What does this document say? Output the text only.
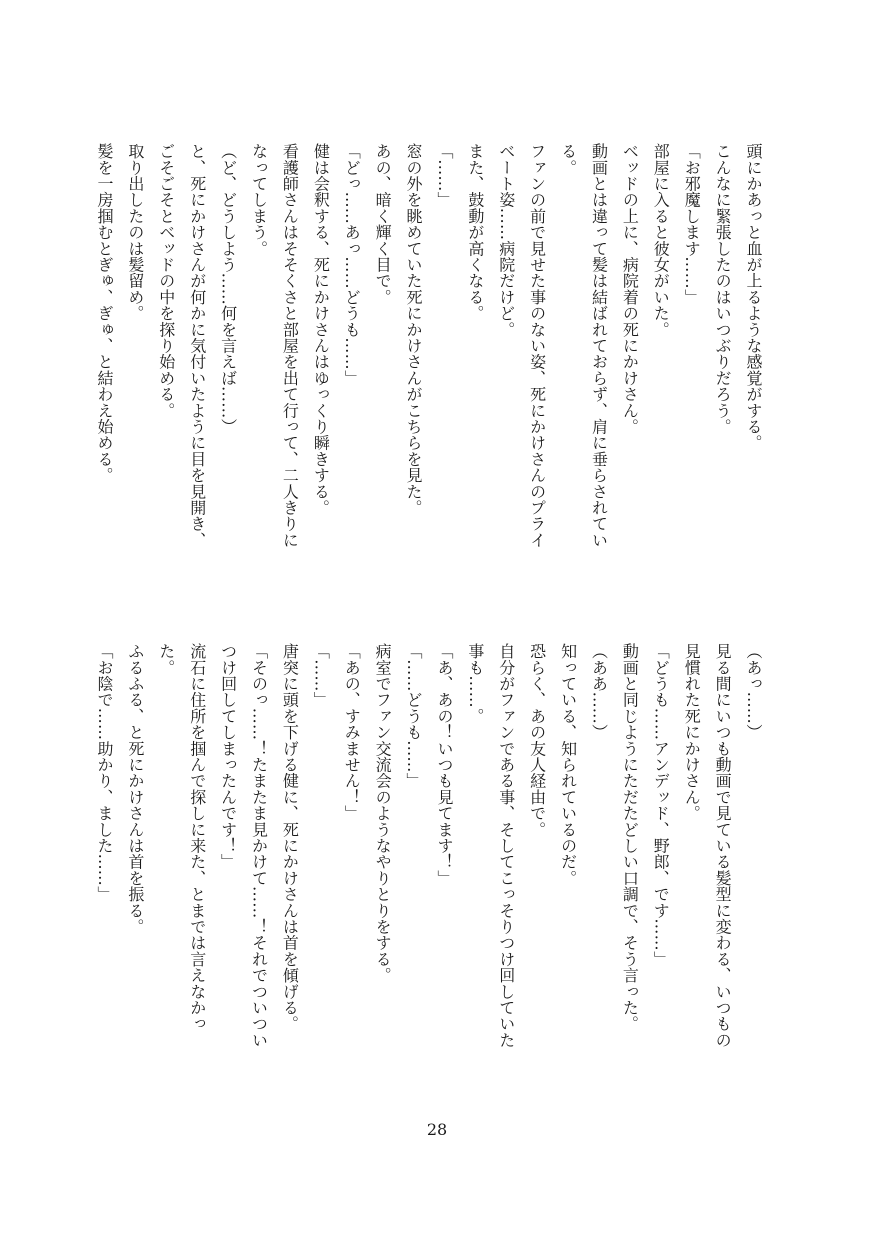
頭にかあっと血が上るような感覚がする。
こんなに緊張したのはいつぶりだろう。
「お邪魔します……」
部屋に入ると彼女がいた。
ベッドの上に、病院着の死にかけさん。
動画とは違って髪は結ばれておらず、肩に垂らされてい
る。
ファンの前で見せた事のない姿、死にかけさんのプライ
ベート姿……病院だけど。
また、鼓動が高くなる。
「……」
窓の外を眺めていた死にかけさんがこちらを見た。
あの、暗く輝く目で。
「どっ……あっ……どうも……」
健は会釈する、死にかけさんはゆっくり瞬きする。
看護師さんはそそくさと部屋を出て行って、二人きりに
なってしまう。
（ど、どうしよう……何を言えば……）
と、死にかけさんが何かに気付いたように目を見開き、
ごそごそとベッドの中を探り始める。
取り出したのは髪留め。
髪を一房掴むとぎゅ、ぎゅ、と結わえ始める。
（あっ……）
見る間にいつも動画で見ている髪型に変わる、いつもの
見慣れた死にかけさん。
「どうも……アンデッド、野郎、です……」
動画と同じようにただたどしい口調で、そう言った。
（ああ……）
知っている、知られているのだ。
恐らく、あの友人経由で。
自分がファンである事、そしてこっそりつけ回していた
事も……。
「あ、あの！いつも見てます！」
「……どうも……」
病室でファン交流会のようなやりとりをする。
「あの、すみません！」
「……」
唐突に頭を下げる健に、死にかけさんは首を傾げる。
「そのっ……！たまたま見かけて……！それでついつい
つけ回してしまったんです！」
流石に住所を掴んで探しに来た、とまでは言えなかっ
た。
ふるふる、と死にかけさんは首を振る。
「お陰で……助かり、ました……」
28
